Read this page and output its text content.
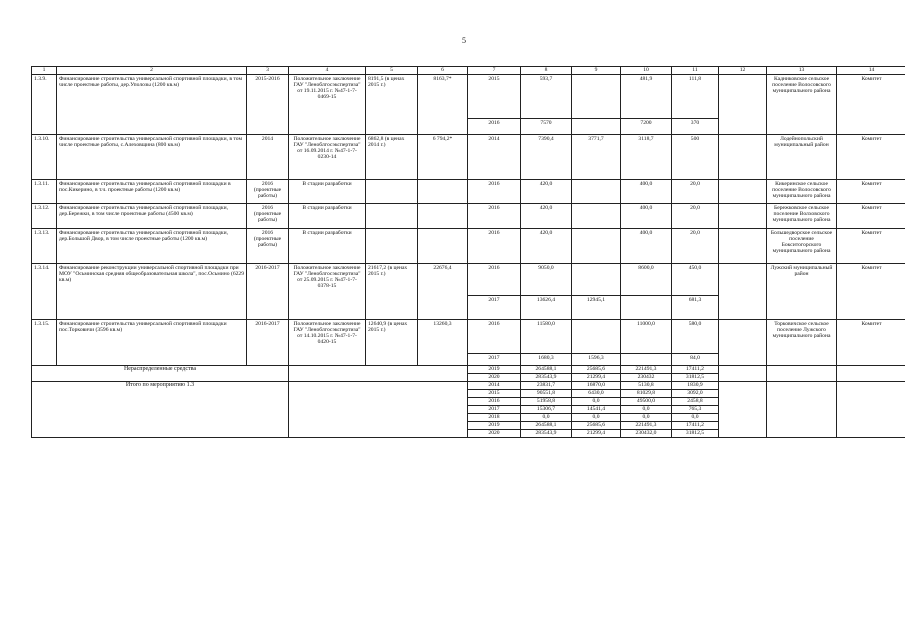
5
1	2	3	4	5	6	7	8	9	10	11	12	13	14
1.3.9.	Финансирование строительства универсальной спортивной площадки, в том числе проектные работы, дер.Уполозы (1200 кв.м)	2015-2016	Положительное заключение ГАУ "Леноблгосэкспертиза" от 19.11.2015 г. №47-1-7-0469-15	8191,5 (в ценах 2015 г.)	8163,7*	2015	593,7		481,9	111,8		Кадниковское сельское поселение Волосовского муниципального района	Комитет
						2016	7570		7200	370			
1.3.10.	Финансирование строительства универсальной спортивной площадки, в том числе проектные работы, с.Алеховщина (800 кв.м)	2014	Положительное заключение ГАУ "Леноблгосэкспертиза" от 16.09.2014 г. №47-1-7-0230-14	6862,8 (в ценах 2014 г.)	6 794,2*	2014	7390,4	3771,7	3118,7	500		Лодейнопольский муниципальный район	Комитет
1.3.11.	Финансирование строительства универсальной спортивной площадки в пос.Кикерино, в т.ч. проектные работы (1200 кв.м)	2016 (проектные работы)	В стадии разработки			2016	420,0		400,0	20,0		Кикеринское сельское поселение Волосовского муниципального района	Комитет
1.3.12.	Финансирование строительства универсальной спортивной площадки, дер.Бережки, в том числе проектные работы (4500 кв.м)	2016 (проектные работы)	В стадии разработки			2016	420,0		400,0	20,0		Бережковское сельское поселение Волховского муниципального района	Комитет
1.3.13.	Финансирование строительства универсальной спортивной площадки, дер.Большой Двор, в том числе проектные работы (1200 кв.м)	2016 (проектные работы)	В стадии разработки			2016	420,0		400,0	20,0		Большедворское сельское поселение Бокситогорского муниципального района	Комитет
1.3.14.	Финансирование реконструкции универсальной спортивной площадки при МОУ "Осьминская средняя общеобразовательная школа", пос.Осьмино (6229 кв.м)	2016-2017	Положительное заключение ГАУ "Леноблгосэкспертиза" от 25.09.2015 г. №47-1-7-0378-15	21617,2 (в ценах 2015 г.)	22676,4	2016	9050,0		8600,0	450,0		Лужский муниципальный район	Комитет
						2017	13626,4	12945,1		681,3			
1.3.15.	Финансирование строительства универсальной спортивной площадки пос.Торковичи (3596 кв.м)	2016-2017	Положительное заключение ГАУ "Леноблгосэкспертиза" от 14.10.2015 г. №47-1-7-0420-15	12640,9 (в ценах 2015 г.)	13260,3	2016	11580,0		11000,0	580,0		Торковичское сельское поселение Лужского муниципального района	Комитет
						2017	1680,3	1596,3		84,0			
Нераспределенные средства						2019	264588,1	25685,6	221491,3	17411,2			
						2020	283543,9	21299,4	230432	31812,5			
Итого по мероприятию 1.3						2014	23831,7	16870,0	5130,8	1830,9			
						2015	90551,8	6430,0	81029,8	3092,0			
						2016	51958,8	0,0	49500,0	2458,8			
						2017	15306,7	14541,4	0,0	765,3			
						2018	0,0	0,0	0,0	0,0			
						2019	264588,1	25685,6	221491,3	17411,2			
						2020	283543,9	21299,4	230432,0	31812,5			
